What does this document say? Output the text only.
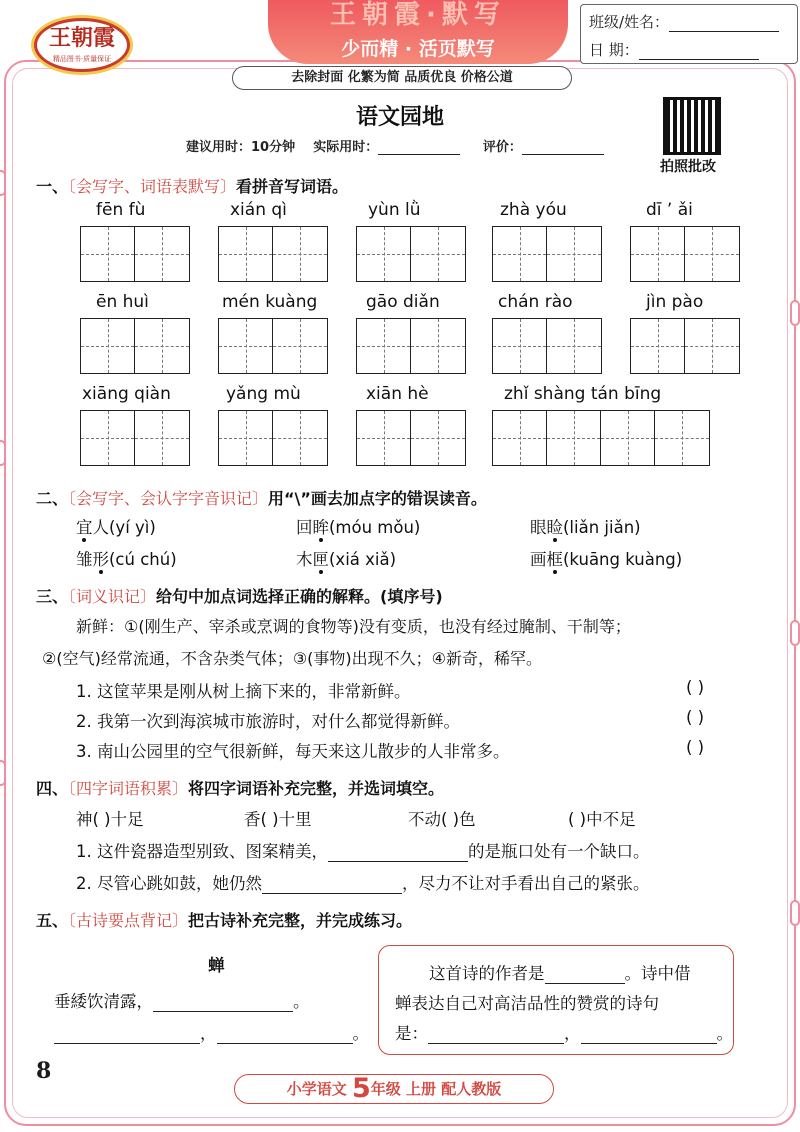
王朝霞·默写
少而精 · 活页默写
王朝霞
精品图书·质量保证
去除封面 化繁为简 品质优良 价格公道
班级/姓名：
日 期：
语文园地
建议用时：10分钟 实际用时：	评价：
拍照批改
一、〔会写字、词语表默写〕看拼音写词语。
fēn fù	xián qì	yùn lǜ	zhà yóu	dī ʼ ǎi
ēn huì	mén kuàng	gāo diǎn	chán rào	jìn pào
xiāng qiàn	yǎng mù	xiān hè	zhǐ shàng tán bīng
二、〔会写字、会认字字音识记〕用“\”画去加点字的错误读音。
宜人(yí yì)	回眸(móu mǒu)	眼睑(liǎn jiǎn)
雏形(cú chú)	木匣(xiá xiǎ)	画框(kuāng kuàng)
三、〔词义识记〕给句中加点词选择正确的解释。(填序号)
新鲜：①(刚生产、宰杀或烹调的食物等)没有变质，也没有经过腌制、干制等；
②(空气)经常流通，不含杂类气体；③(事物)出现不久；④新奇，稀罕。
1. 这筐苹果是刚从树上摘下来的，非常新鲜。	( )
2. 我第一次到海滨城市旅游时，对什么都觉得新鲜。	( )
3. 南山公园里的空气很新鲜，每天来这儿散步的人非常多。	( )
四、〔四字词语积累〕将四字词语补充完整，并选词填空。
神( )十足	香( )十里	不动( )色	( )中不足
1. 这件瓷器造型别致、图案精美，	的是瓶口处有一个缺口。
2. 尽管心跳如鼓，她仍然	，尽力不让对手看出自己的紧张。
五、〔古诗要点背记〕把古诗补充完整，并完成练习。
蝉
垂緌饮清露，	。
，	。
这首诗的作者是	。诗中借
蝉表达自己对高洁品性的赞赏的诗句
是：	，	。
8
小学语文 5年级 上册 配人教版
